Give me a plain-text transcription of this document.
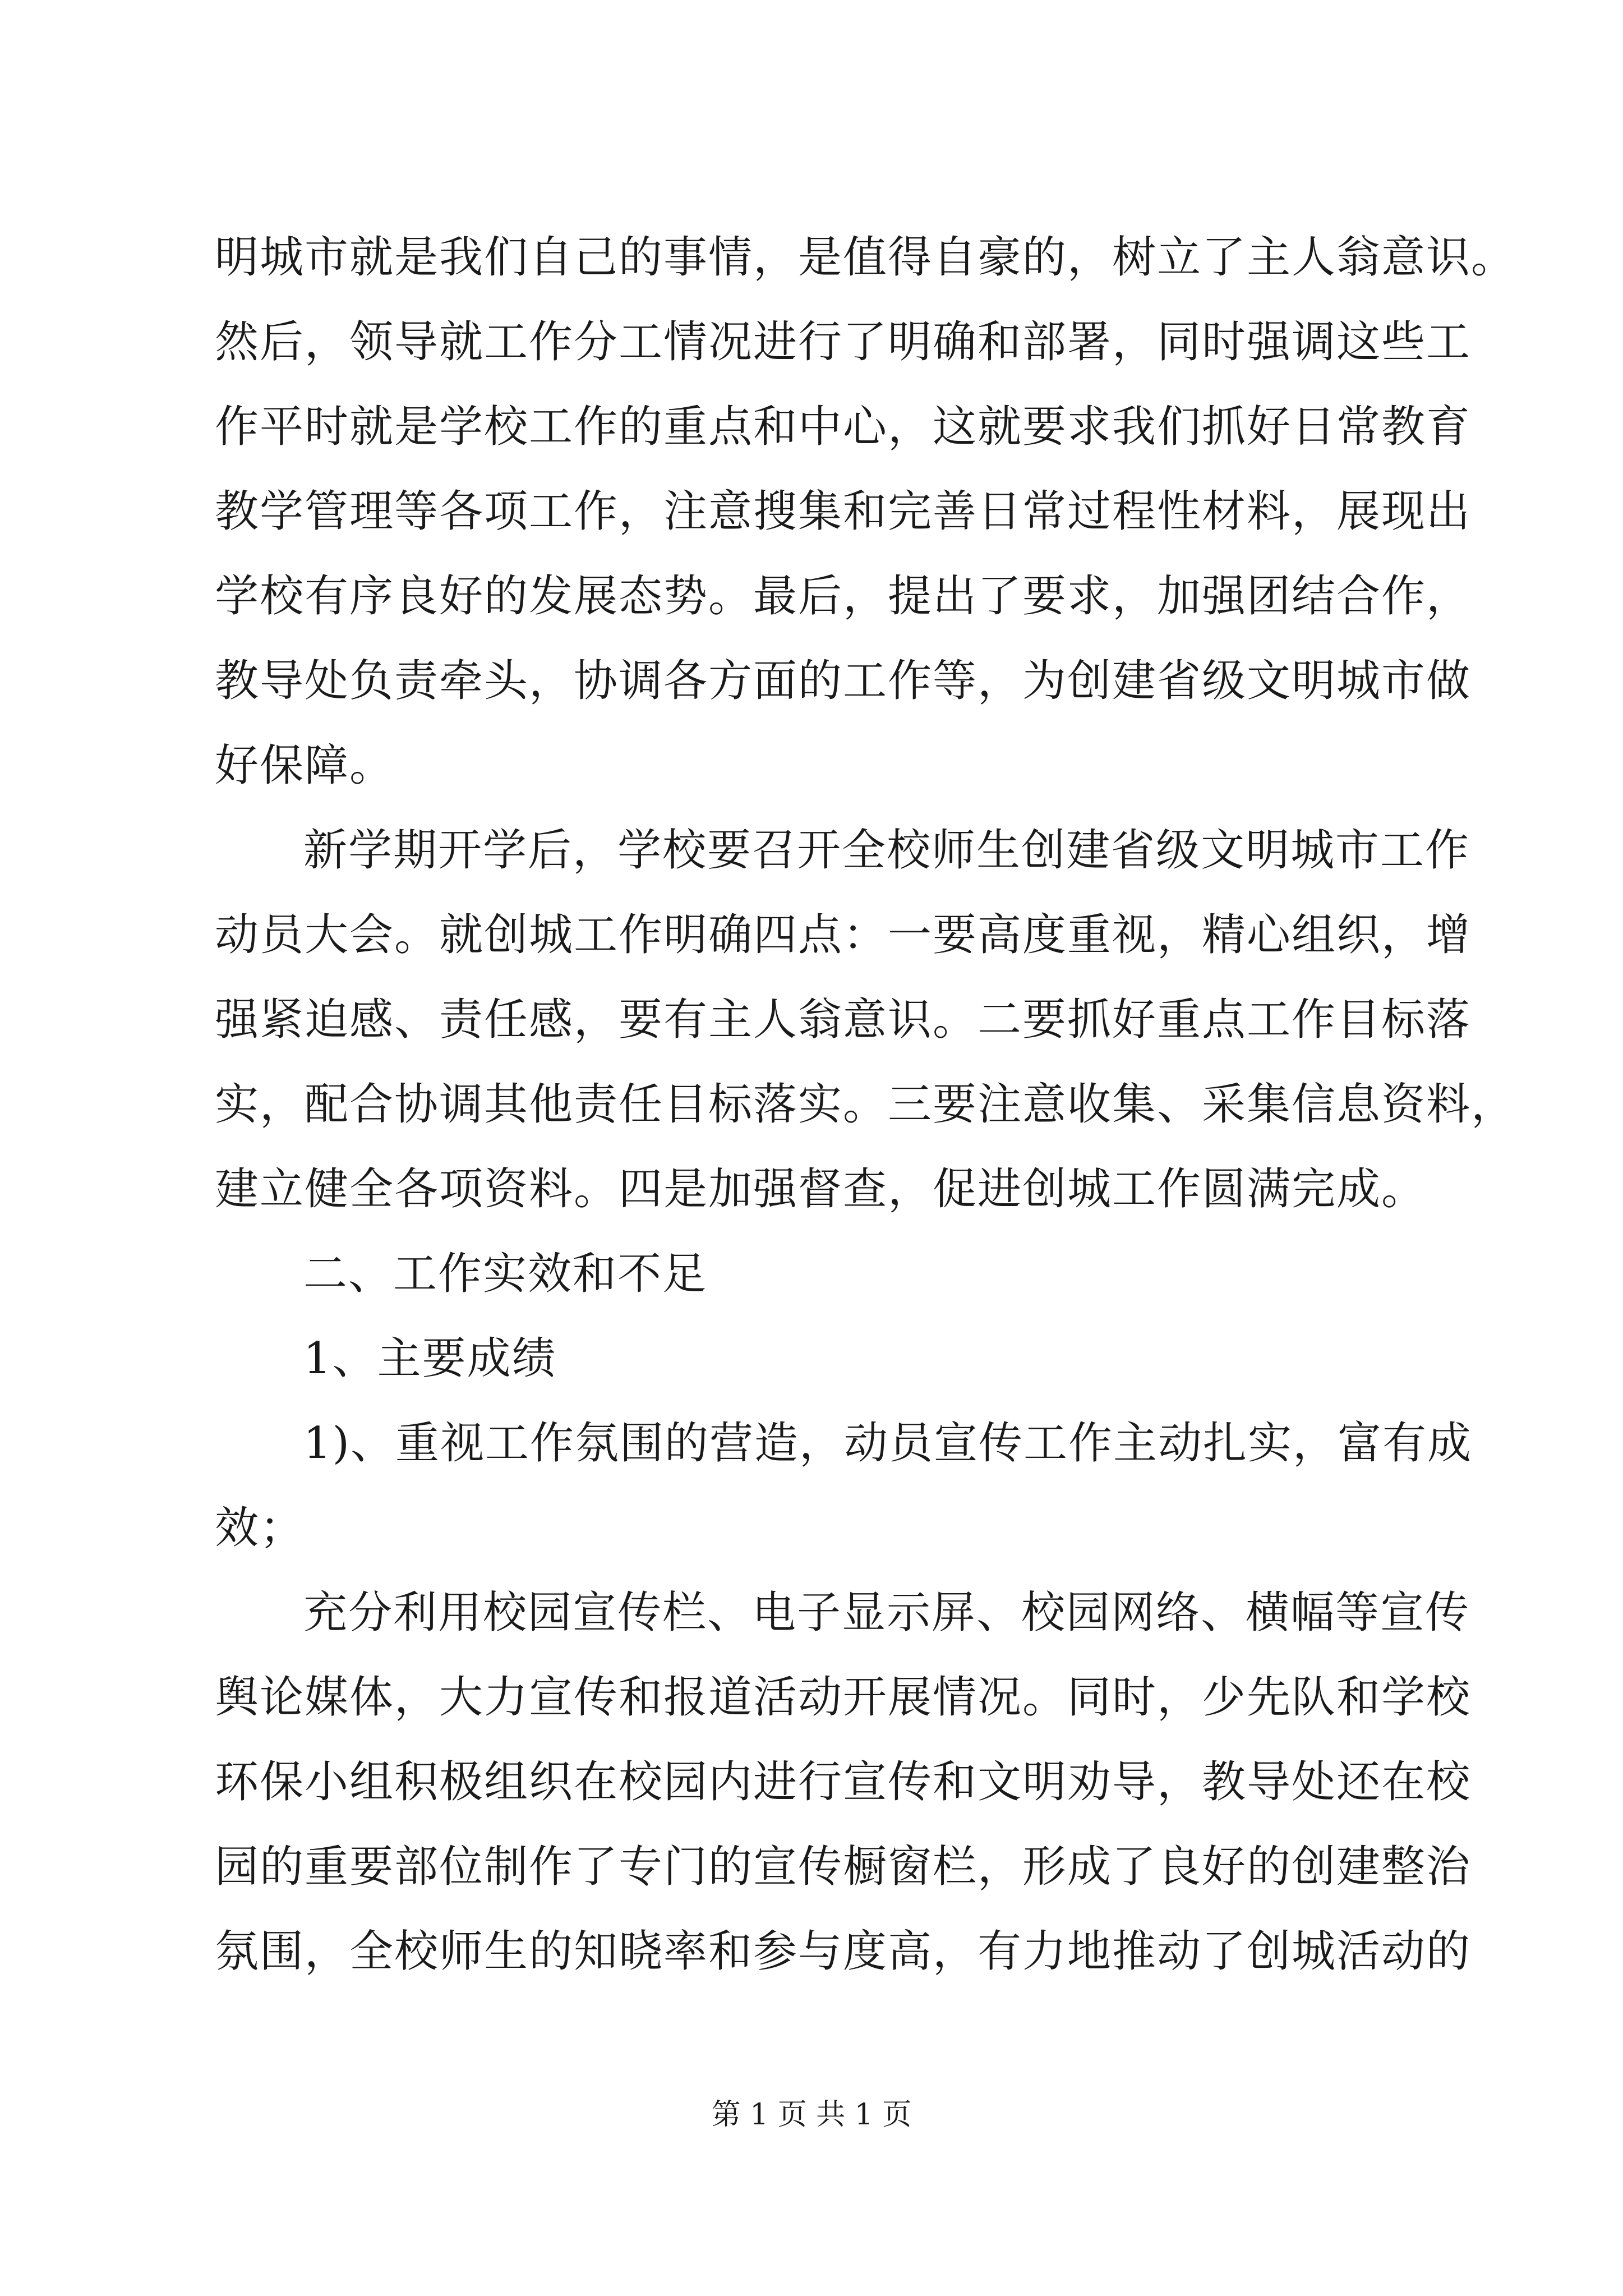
明城市就是我们自己的事情，是值得自豪的，树立了主人翁意识。
然后，领导就工作分工情况进行了明确和部署，同时强调这些工
作平时就是学校工作的重点和中心，这就要求我们抓好日常教育
教学管理等各项工作，注意搜集和完善日常过程性材料，展现出
学校有序良好的发展态势。最后，提出了要求，加强团结合作，
教导处负责牵头，协调各方面的工作等，为创建省级文明城市做
好保障。
新学期开学后，学校要召开全校师生创建省级文明城市工作
动员大会。就创城工作明确四点：一要高度重视，精心组织，增
强紧迫感、责任感，要有主人翁意识。二要抓好重点工作目标落
实，配合协调其他责任目标落实。三要注意收集、采集信息资料，
建立健全各项资料。四是加强督查，促进创城工作圆满完成。
二、工作实效和不足
1、主要成绩
1)、重视工作氛围的营造，动员宣传工作主动扎实，富有成
效；
充分利用校园宣传栏、电子显示屏、校园网络、横幅等宣传
舆论媒体，大力宣传和报道活动开展情况。同时，少先队和学校
环保小组积极组织在校园内进行宣传和文明劝导，教导处还在校
园的重要部位制作了专门的宣传橱窗栏，形成了良好的创建整治
氛围，全校师生的知晓率和参与度高，有力地推动了创城活动的
第 1 页 共 1 页
